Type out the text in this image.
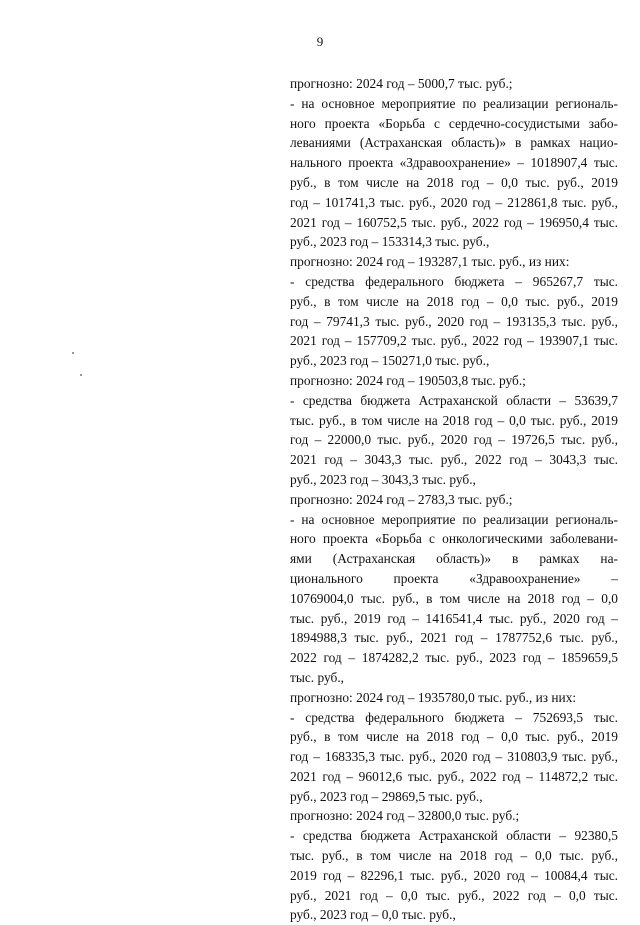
9
прогнозно: 2024 год – 5000,7 тыс. руб.;
- на основное мероприятие по реализации региональ-
ного проекта «Борьба с сердечно-сосудистыми забо-
леваниями (Астраханская область)» в рамках нацио-
нального проекта «Здравоохранение» – 1018907,4 тыс.
руб., в том числе на 2018 год – 0,0 тыс. руб., 2019
год – 101741,3 тыс. руб., 2020 год – 212861,8 тыс. руб.,
2021 год – 160752,5 тыс. руб., 2022 год – 196950,4 тыс.
руб., 2023 год – 153314,3 тыс. руб.,
прогнозно: 2024 год – 193287,1 тыс. руб., из них:
- средства федерального бюджета – 965267,7 тыс.
руб., в том числе на 2018 год – 0,0 тыс. руб., 2019
год – 79741,3 тыс. руб., 2020 год – 193135,3 тыс. руб.,
2021 год – 157709,2 тыс. руб., 2022 год – 193907,1 тыс.
руб., 2023 год – 150271,0 тыс. руб.,
прогнозно: 2024 год – 190503,8 тыс. руб.;
- средства бюджета Астраханской области – 53639,7
тыс. руб., в том числе на 2018 год – 0,0 тыс. руб., 2019
год – 22000,0 тыс. руб., 2020 год – 19726,5 тыс. руб.,
2021 год – 3043,3 тыс. руб., 2022 год – 3043,3 тыс.
руб., 2023 год – 3043,3 тыс. руб.,
прогнозно: 2024 год – 2783,3 тыс. руб.;
- на основное мероприятие по реализации региональ-
ного проекта «Борьба с онкологическими заболевани-
ями (Астраханская область)» в рамках на-
ционального проекта «Здравоохранение» –
10769004,0 тыс. руб., в том числе на 2018 год – 0,0
тыс. руб., 2019 год – 1416541,4 тыс. руб., 2020 год –
1894988,3 тыс. руб., 2021 год – 1787752,6 тыс. руб.,
2022 год – 1874282,2 тыс. руб., 2023 год – 1859659,5
тыс. руб.,
прогнозно: 2024 год – 1935780,0 тыс. руб., из них:
- средства федерального бюджета – 752693,5 тыс.
руб., в том числе на 2018 год – 0,0 тыс. руб., 2019
год – 168335,3 тыс. руб., 2020 год – 310803,9 тыс. руб.,
2021 год – 96012,6 тыс. руб., 2022 год – 114872,2 тыс.
руб., 2023 год – 29869,5 тыс. руб.,
прогнозно: 2024 год – 32800,0 тыс. руб.;
- средства бюджета Астраханской области – 92380,5
тыс. руб., в том числе на 2018 год – 0,0 тыс. руб.,
2019 год – 82296,1 тыс. руб., 2020 год – 10084,4 тыс.
руб., 2021 год – 0,0 тыс. руб., 2022 год – 0,0 тыс.
руб., 2023 год – 0,0 тыс. руб.,
